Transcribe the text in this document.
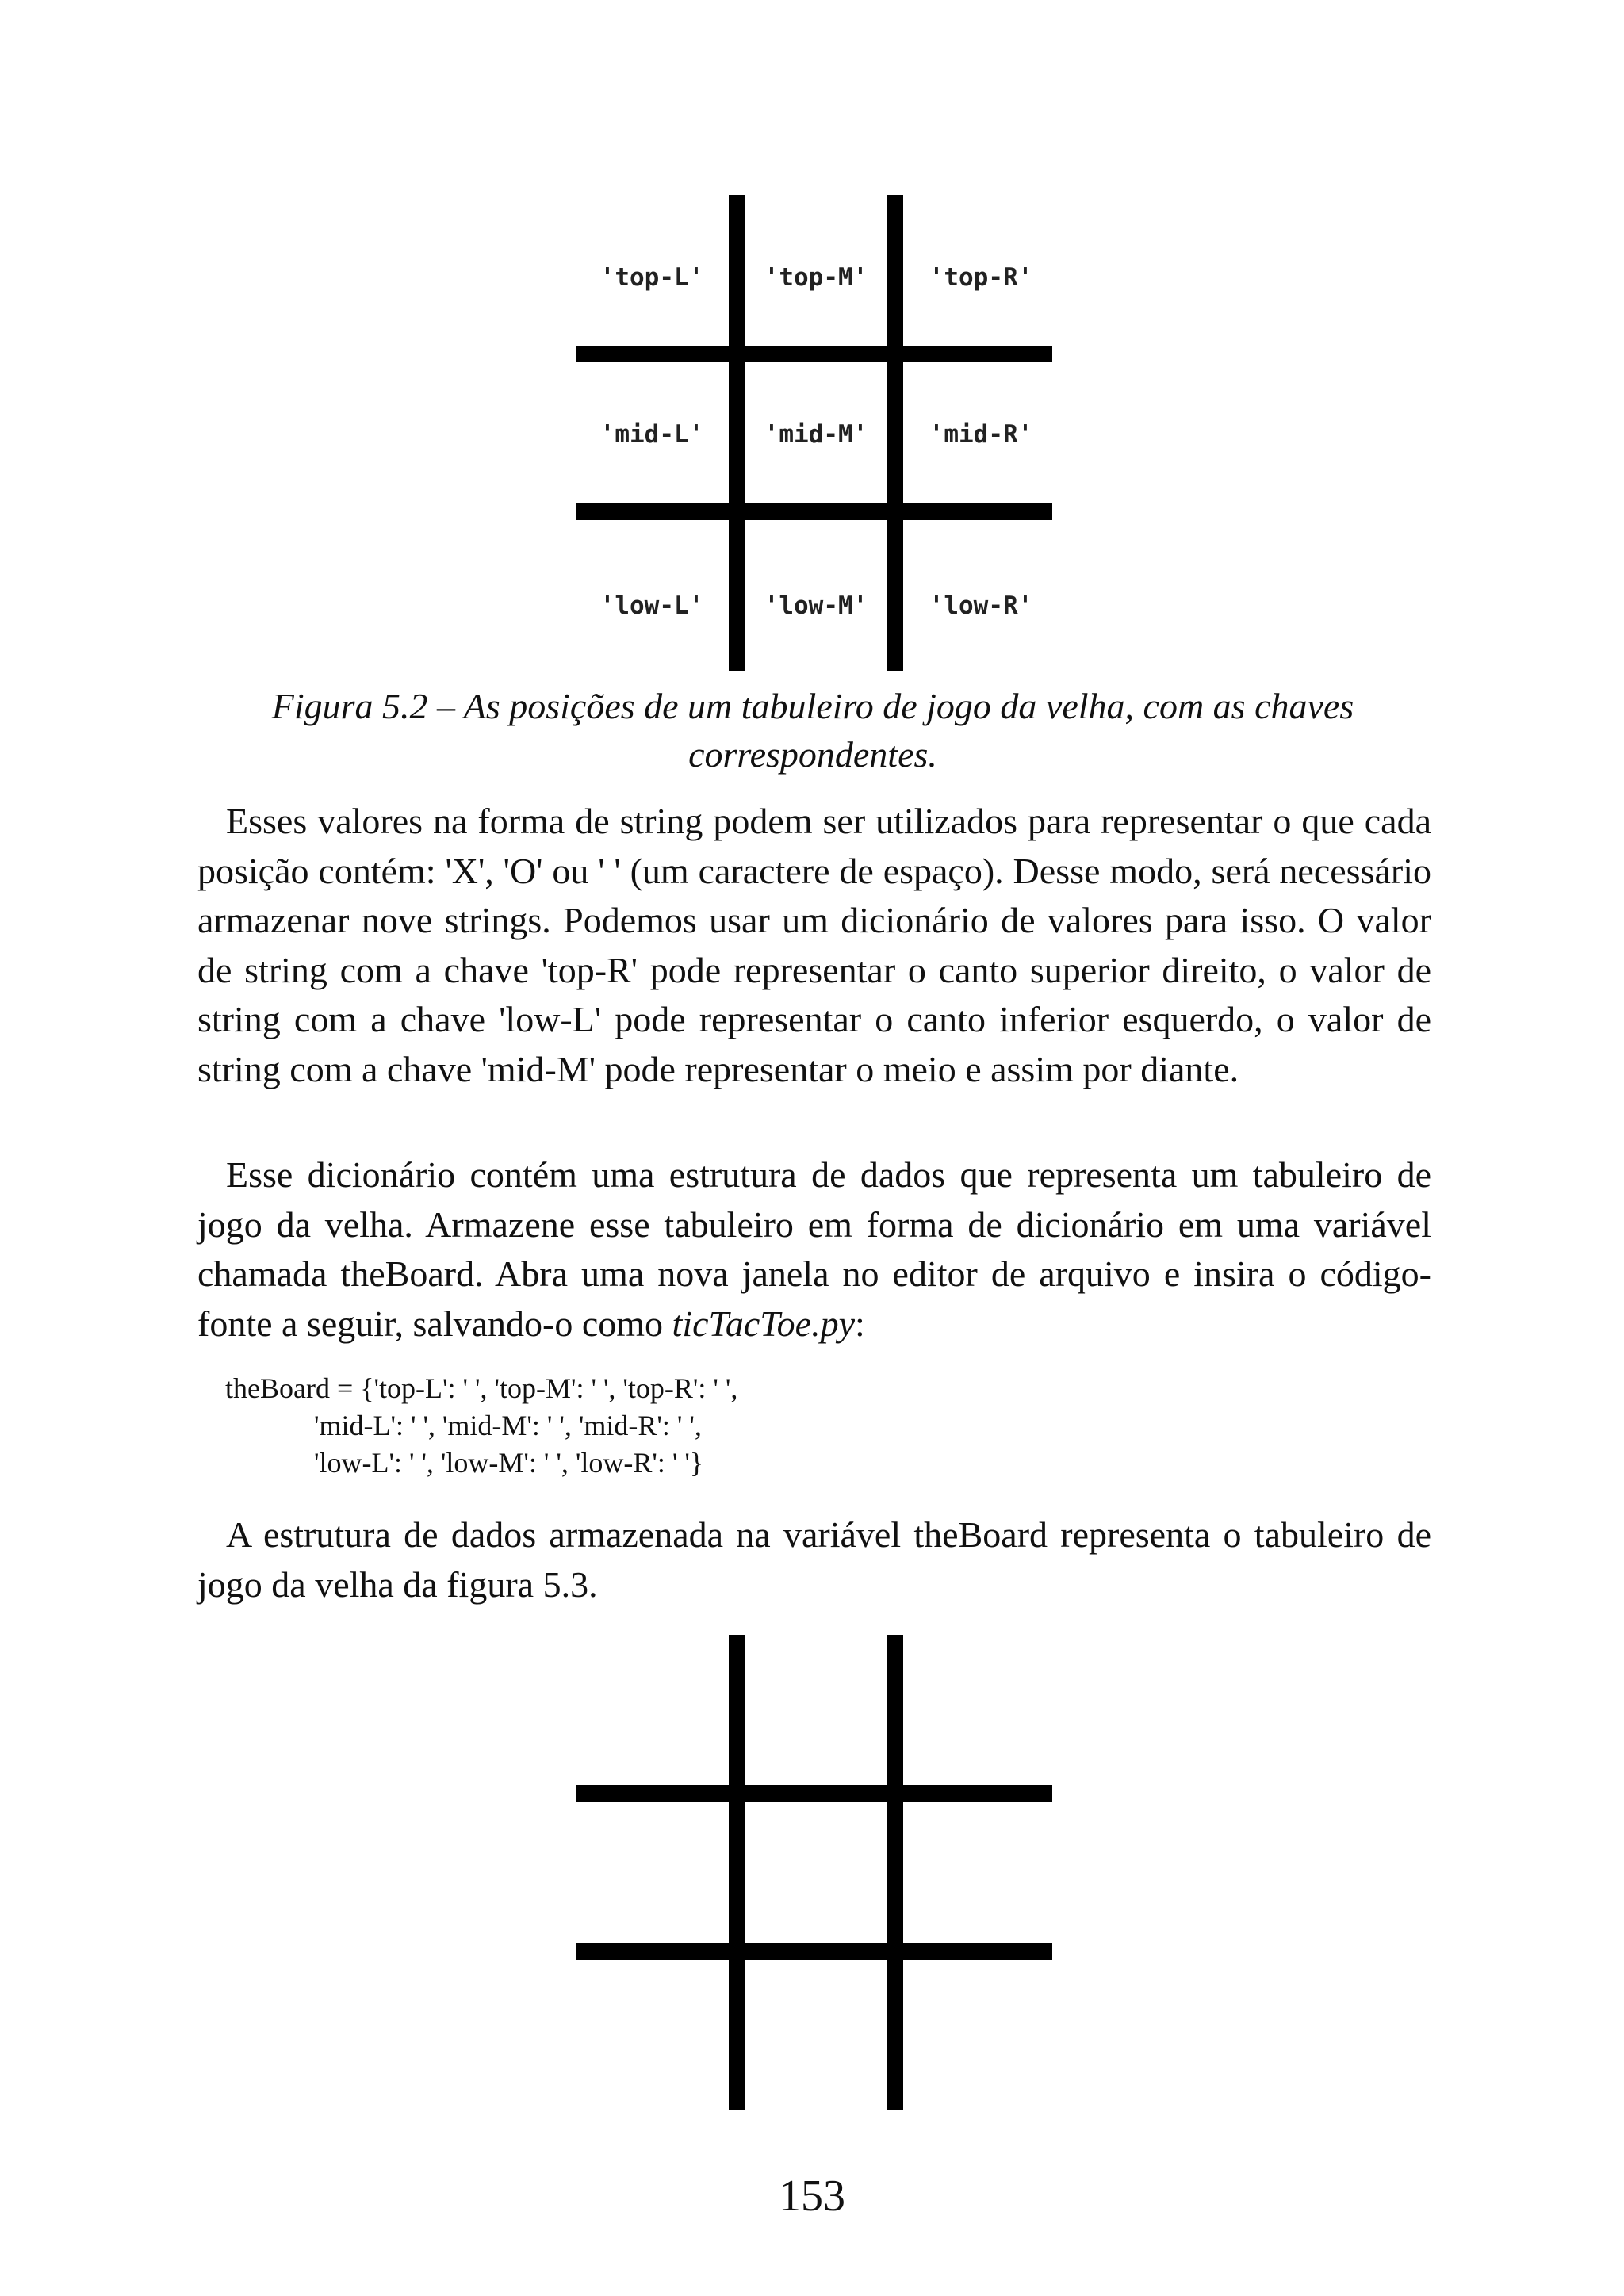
'top-L'	'top-M'	'top-R'
'mid-L'	'mid-M'	'mid-R'
'low-L'	'low-M'	'low-R'

Figura 5.2 – As posições de um tabuleiro de jogo da velha, com as chaves correspondentes.

Esses valores na forma de string podem ser utilizados para representar o que cada posição contém: 'X', 'O' ou ' ' (um caractere de espaço). Desse modo, será necessário armazenar nove strings. Podemos usar um dicionário de valores para isso. O valor de string com a chave 'top-R' pode representar o canto superior direito, o valor de string com a chave 'low-L' pode representar o canto inferior esquerdo, o valor de string com a chave 'mid-M' pode representar o meio e assim por diante.

Esse dicionário contém uma estrutura de dados que representa um tabuleiro de jogo da velha. Armazene esse tabuleiro em forma de dicionário em uma variável chamada theBoard. Abra uma nova janela no editor de arquivo e insira o código-fonte a seguir, salvando-o como ticTacToe.py:

theBoard = {'top-L': ' ', 'top-M': ' ', 'top-R': ' ',
'mid-L': ' ', 'mid-M': ' ', 'mid-R': ' ',
'low-L': ' ', 'low-M': ' ', 'low-R': ' '}

A estrutura de dados armazenada na variável theBoard representa o tabuleiro de jogo da velha da figura 5.3.

153
